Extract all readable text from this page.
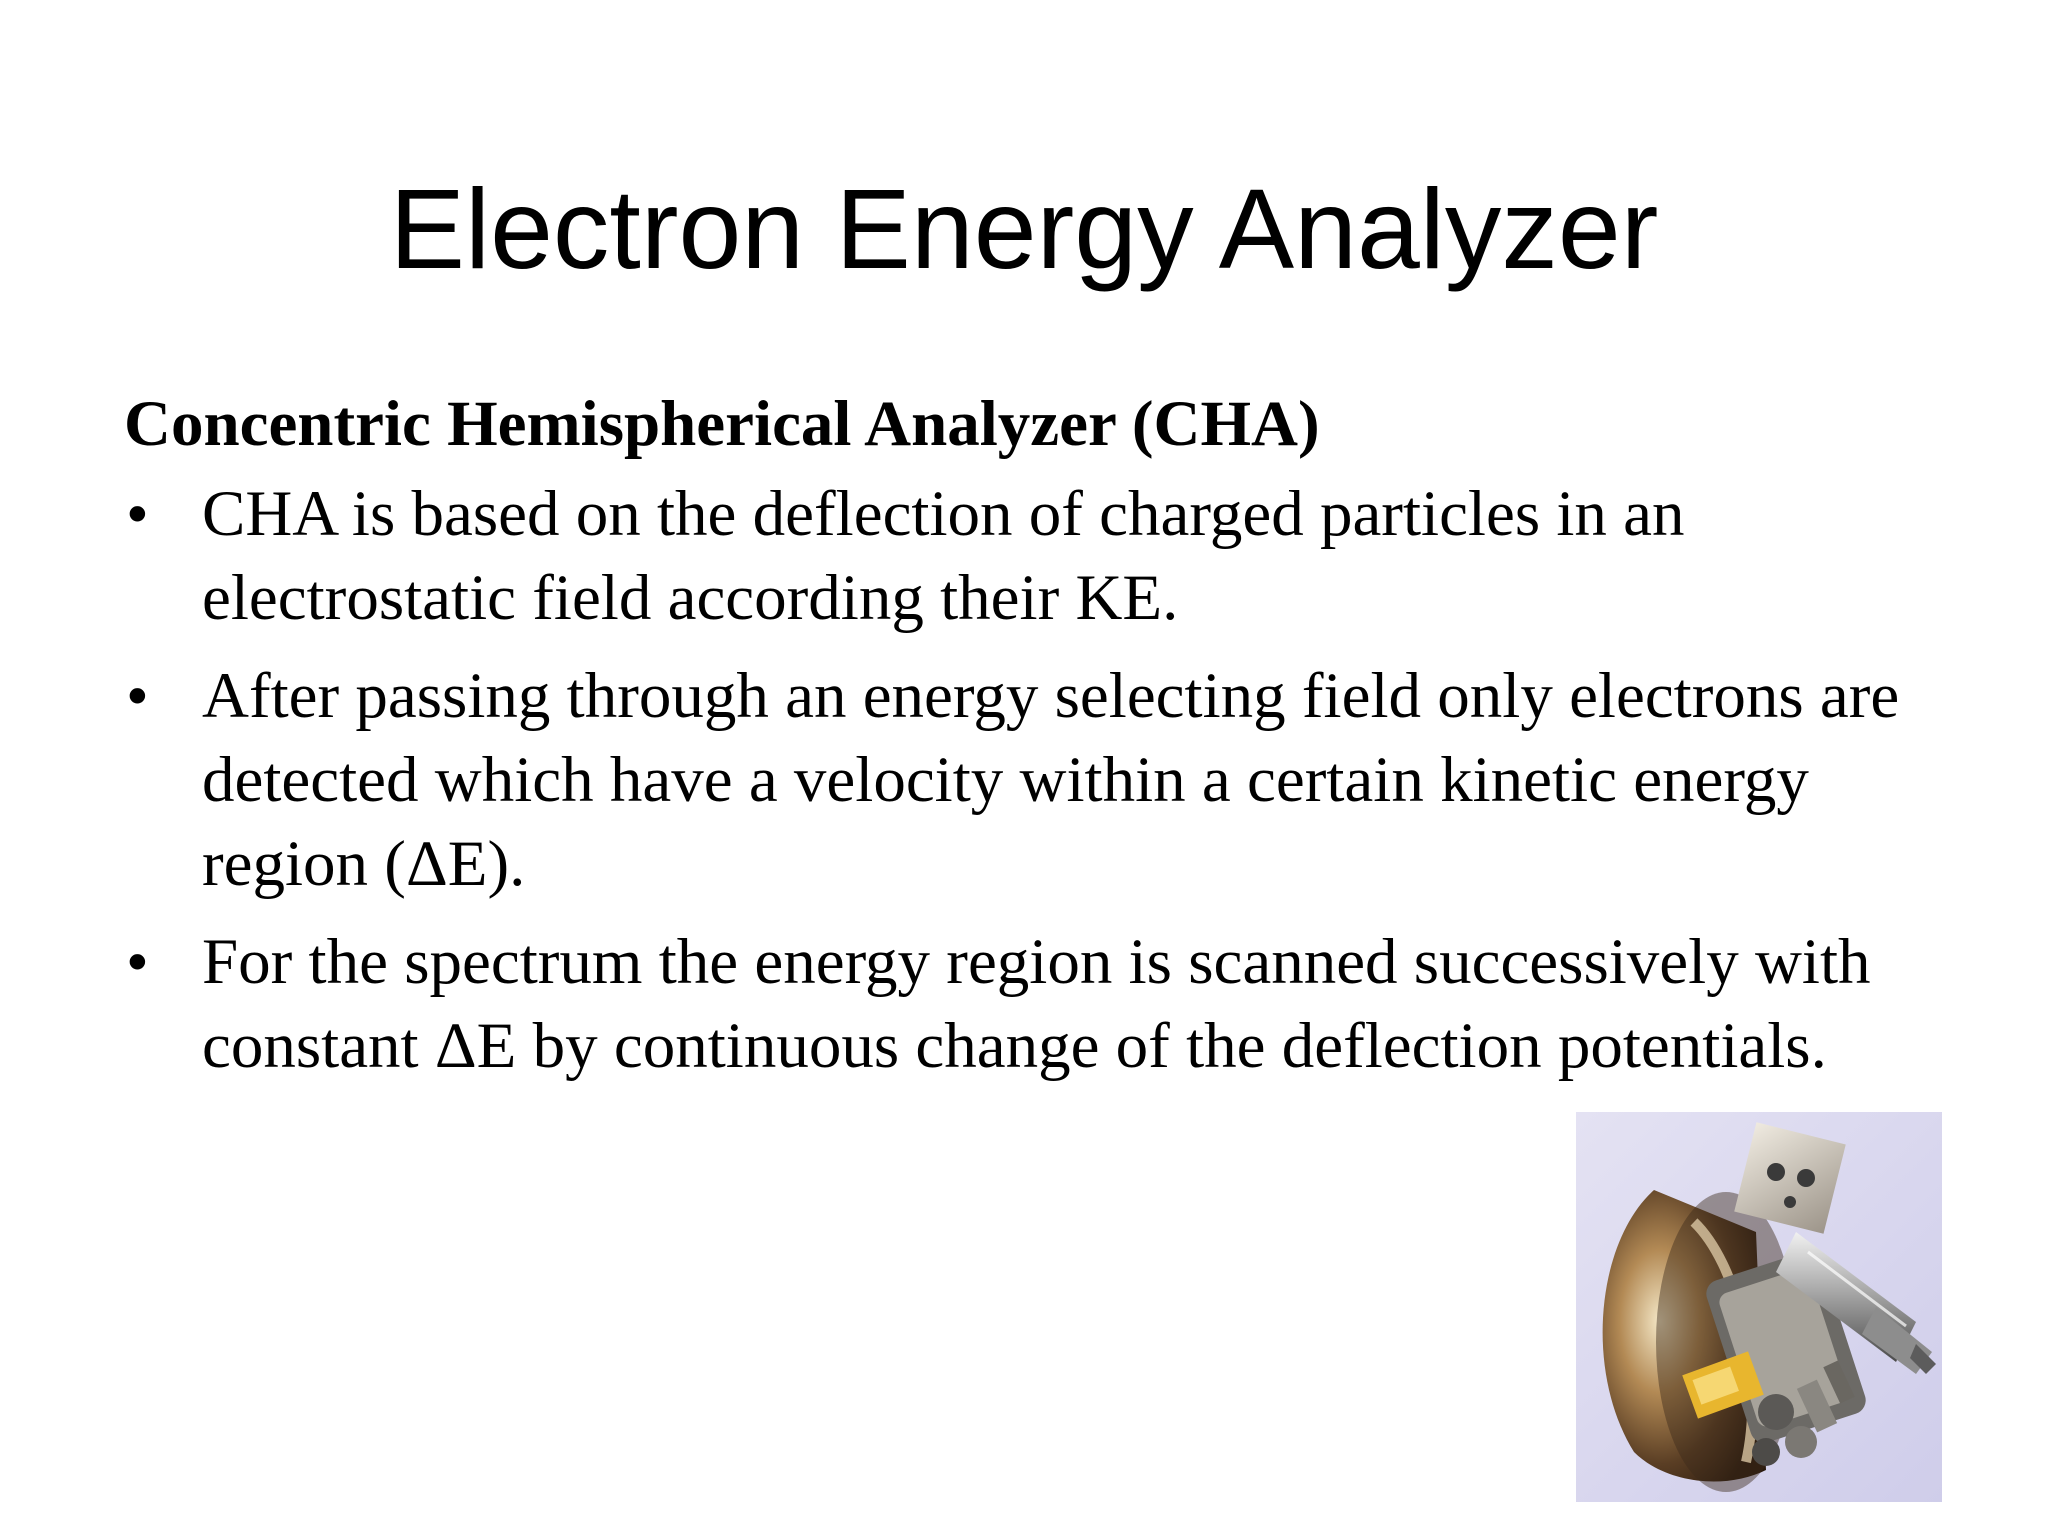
Electron Energy Analyzer
Concentric Hemispherical Analyzer (CHA)
• CHA is based on the deflection of charged particles in an electrostatic field according their KE.
• After passing through an energy selecting field only electrons are detected which have a velocity within a certain kinetic energy region (ΔE).
• For the spectrum the energy region is scanned successively with constant ΔE by continuous change of the deflection potentials.
